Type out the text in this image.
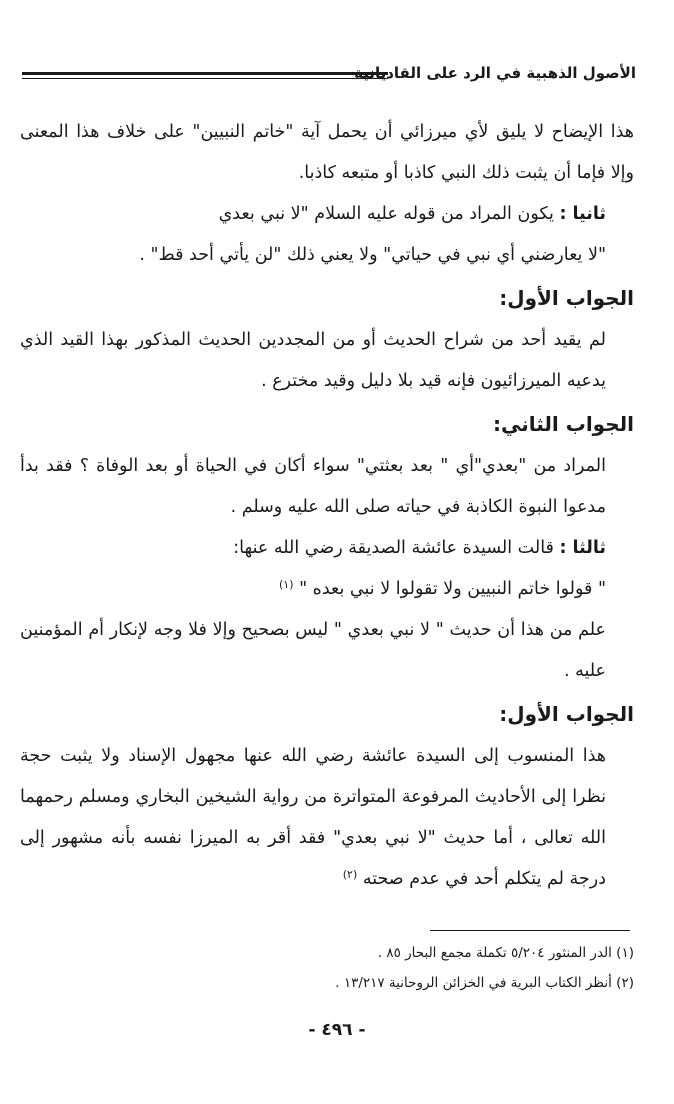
الأصول الذهبية في الرد على القاديانية

هذا الإيضاح لا يليق لأي ميرزائي أن يحمل آية "خاتم النبيين" على خلاف هذا المعنى وإلا فإما أن يثبت ذلك النبي كاذبا أو متبعه كاذبا.

ثانيا : يكون المراد من قوله عليه السلام "لا نبي بعدي

"لا يعارضني أي نبي في حياتي" ولا يعني ذلك "لن يأتي أحد قط" .

الجواب الأول:

لم يقيد أحد من شراح الحديث أو من المجددين الحديث المذكور بهذا القيد الذي يدعيه الميرزائيون فإنه قيد بلا دليل وقيد مخترع .

الجواب الثاني:

المراد من "بعدي"أي " بعد بعثتي" سواء أكان في الحياة أو بعد الوفاة ؟ فقد بدأ مدعوا النبوة الكاذبة في حياته صلى الله عليه وسلم .

ثالثا : قالت السيدة عائشة الصديقة رضي الله عنها:

" قولوا خاتم النبيين ولا تقولوا لا نبي بعده " $^{(١)}$

علم من هذا أن حديث " لا نبي بعدي " ليس بصحيح وإلا فلا وجه لإنكار أم المؤمنين عليه .

الجواب الأول:

هذا المنسوب إلى السيدة عائشة رضي الله عنها مجهول الإسناد ولا يثبت حجة نظرا إلى الأحاديث المرفوعة المتواترة من رواية الشيخين البخاري ومسلم رحمهما الله تعالى ، أما حديث "لا نبي بعدي" فقد أقر به الميرزا نفسه بأنه مشهور إلى درجة لم يتكلم أحد في عدم صحته $^{(٢)}$

(١) الدر المنثور ٥/٢٠٤ تكملة مجمع البحار ٨٥ .

(٢) أنظر الكتاب البرية في الخزائن الروحانية ١٣/٢١٧ .

- ٤٩٦ -
